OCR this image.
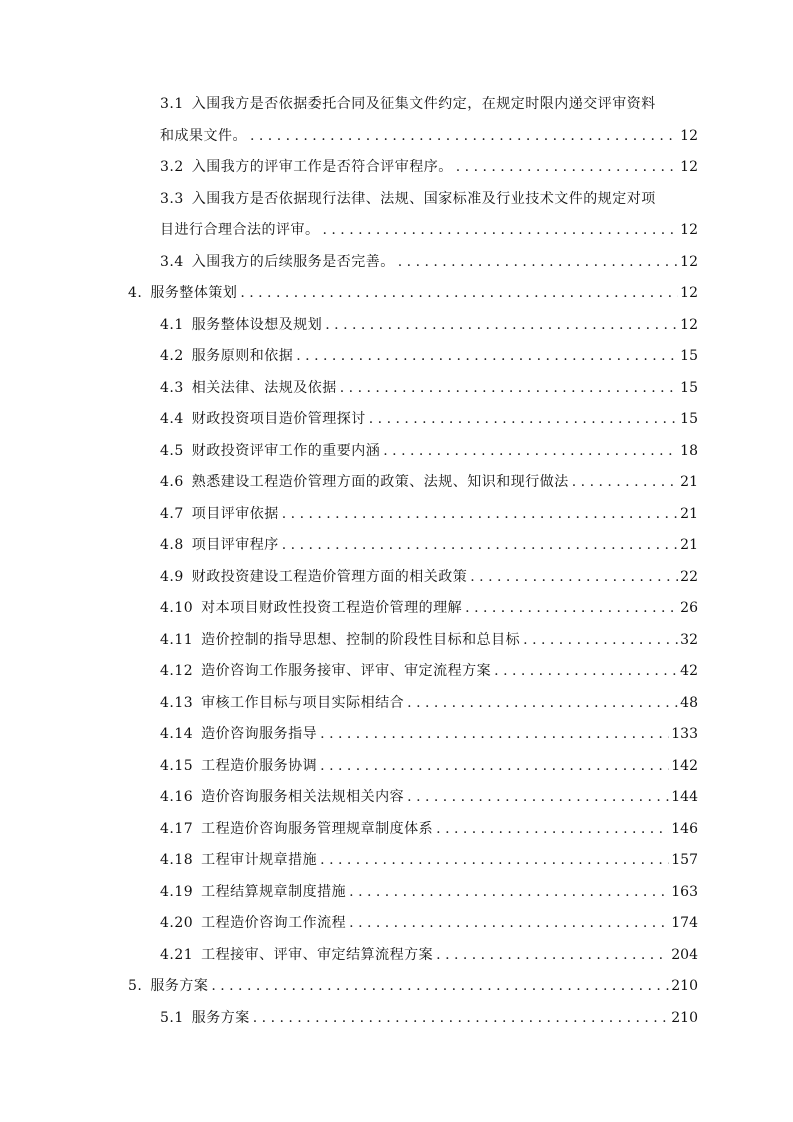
3.1 入围我方是否依据委托合同及征集文件约定，在规定时限内递交评审资料
和成果文件。 . . .	12
3.2 入围我方的评审工作是否符合评审程序。 . . .	12
3.3 入围我方是否依据现行法律、法规、国家标准及行业技术文件的规定对项
目进行合理合法的评审。 . . .	12
3.4 入围我方的后续服务是否完善。 . . .	12
4. 服务整体策划 . . .	12
4.1 服务整体设想及规划 . . .	12
4.2 服务原则和依据 . . .	15
4.3 相关法律、法规及依据 . . .	15
4.4 财政投资项目造价管理探讨 . . .	15
4.5 财政投资评审工作的重要内涵 . . .	18
4.6 熟悉建设工程造价管理方面的政策、法规、知识和现行做法 . . .	21
4.7 项目评审依据 . . .	21
4.8 项目评审程序 . . .	21
4.9 财政投资建设工程造价管理方面的相关政策 . . .	22
4.10 对本项目财政性投资工程造价管理的理解 . . .	26
4.11 造价控制的指导思想、控制的阶段性目标和总目标 . . .	32
4.12 造价咨询工作服务接审、评审、审定流程方案 . . .	42
4.13 审核工作目标与项目实际相结合 . . .	48
4.14 造价咨询服务指导 . . .	133
4.15 工程造价服务协调 . . .	142
4.16 造价咨询服务相关法规相关内容 . . .	144
4.17 工程造价咨询服务管理规章制度体系 . . .	146
4.18 工程审计规章措施 . . .	157
4.19 工程结算规章制度措施 . . .	163
4.20 工程造价咨询工作流程 . . .	174
4.21 工程接审、评审、审定结算流程方案 . . .	204
5. 服务方案 . . .	210
5.1 服务方案 . . .	210
